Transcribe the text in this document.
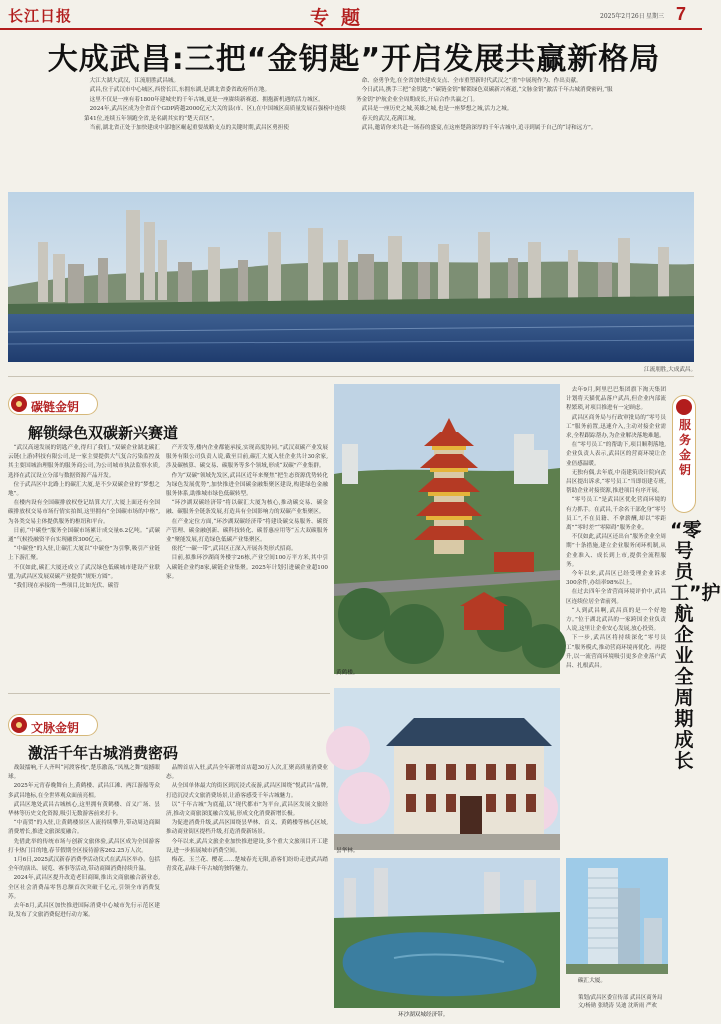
长江日报	专题	2025年2月26日 星期三 7
大成武昌:三把“金钥匙”开启发展共赢新格局

大江大湖大武汉，江流朋胜武昌城。

武昌,位于武汉市中心城区,西傍长江,东拥东湖,是湖北省委省政府所在地。

这里不仅是一座有着1800年建城史的千年古城,更是一座赓续新赛道、拥抱新机遇的活力城区。

2024年,武昌区成为全省首个GDP跨越2000亿元大关的县(市、区),在中国城区高质量发展百强榜中连续第41位,连续五年领跑全省,是名副其实的“楚天首区”。

当前,湖北省正处于加快建成中部地区崛起重要战略支点的关键时期,武昌区勇担使

命、奋勇争先,在全省加快建成支点、全市重塑新时代武汉之“重”中展现作为、作出贡献。

今日武昌,携手三把“金钥匙”:“碳链金钥”解锁绿色双碳新兴赛道,“文脉金钥”激活千年古城消费密码,“服务金钥”护航企业全周期成长,开启合作共赢之门。

武昌是一座历史之城,英雄之城,也是一座梦想之城,活力之城。

春天的武汉,花满江城。

武昌,邀请你来共赴一场春的盛宴,在这座楚韵深厚的千年古城中,追寻到属于自己的“诗和远方”。

江流朋胜,大成武昌。
碳链金钥
解锁绿色双碳新兴赛道

“武汉高速发展的钥匙产业,得归了我们。”双碳企业湖北碳汇云链(上游)科技有限公司,是一家主要提供大气复合污染监控及其主要国城治理服务的服务商公司,为公司城市执法监察水质,选择在武汉设立分部与数据资源产品开发。

位于武昌区中北路上的碳汇大厦,是不少双碳企业的“梦想之地”。

在楼内设有全国碳排放权登记结算大厅,大厦上面还有全国碳排放权交易市场行情实拍图,这里拥有“全国碳市场的中枢”,为各类交易主体提供服务的枢纽和平台。

日前,“中碳登”服务全国碳市场累计成交量6.2亿吨。“武碳通”气候投融资平台实现融资300亿元。

“中碳登”的入驻,让碳汇大厦以“中碳登”为引擎,吸引产业链上下游汇聚。

不仅如此,碳汇大厦还成立了武汉绿色低碳城市建设产业联盟,为武昌区发展双碳产业提供“规矩方圆”。

“我们现在承接的一些项目,比如光伏、碳管

产开发等,楼内企业都能承接,实现高度协同。”武汉双碳产业发展服务有限公司负责人说,截至目前,碳汇大厦入驻企业共计30余家,涉及碳核算、碳交易、碳服务等多个领域,形成“双碳”产业集群。

作为“双碳”领域先发区,武昌区近年来聚焦“把生态资源优势转化为绿色发展优势”,加快推进全国碳金融集聚区建设,构建绿色金融服务体系,助推城市绿色低碳转型。

“环沙湖双碳经济带”将以碳汇大厦为核心,推动碳交易、碳金融、碳服务全链条发展,打造具有全国影响力的双碳产业集聚区。

在产业定位方面,“环沙湖双碳经济带”将建设碳交易服务、碳资产管理、碳金融创新、碳科技转化、碳普惠应用等“五大双碳服务业”聚能发展,打造绿色低碳产业集聚区。

依托“一碳一带”,武昌区正深入开展各类形式招商。

目前,拟推环沙湖商务楼宇26栋,产业空间100万平方米,其中引入碳链企业约8家,碳链企业集聚。2025年计划引进碳企业超100家。

黄鹤楼。
文脉金钥
激活千年古城消费密码

战鼓擂响,千人齐叫“河渡客栈”,楚乐激荡,“凤凰之舞”震撼眼球。

2025年元宵春晚舞台上,黄鹤楼、武昌江滩、两江游船等众多武昌地标,在全世界观众面前亮相。

武昌区地处武昌古城核心,这里拥有黄鹤楼、首义广场、昙华林等历史文化资源,吸引无数游客前来打卡。

“中南贸”的入驻,让黄鹤楼景区人流持续攀升,带动周边商圈消费增长,推进文旅深度融合。

先借此举的传统市场与创新文旅体验,武昌区成为全国游客打卡热门目的地,春节假期全区接待游客262.25万人次。

1月6日,2025武汉新春消费季活动仪式在武昌区举办。包括全年的演出、展览、赛事等活动,带动商圈消费持续升温。

2024年,武昌区提升改造老旧商圈,推出文商旅融合新业态,全区社会消费品零售总额首次突破千亿元,引领全市消费复苏。

去年8月,武昌区加快推进国际消费中心城市先行示范区建设,发布了文旅消费促进行动方案。

品牌首店入驻,武昌全年新增首店超30万人次,汇聚高质量消费业态。

从全国单体最大的街区到沉浸式夜游,武昌区围绕“悦武昌”品牌,打造沉浸式文旅消费场景,让游客感受千年古城魅力。

以“千年古城”为底蕴,以“现代都市”为平台,武昌区发展文旅经济,推动文商旅深度融合发展,形成文化消费新增长极。

为促进消费升级,武昌区围绕昙华林、首义、黄鹤楼等核心区域,推动商业街区提档升级,打造消费新场景。

今年以来,武昌文旅企业加快推进建设,多个重大文旅项目开工建设,进一步拓展城市消费空间。

梅花、玉兰花、樱花……楚城春光无限,游客们纷纷走进武昌踏青赏花,品味千年古城的独特魅力。

昙华林。
环沙湖双城经济带。
服务金钥
“零号员工”护航企业全周期成长

去年9月,阿里巴巴集团旗下淘天集团计划将天猫优品落户武昌,但企业内部流程繁琐,对项目推进有一定顾虑。

武昌区商务局与行政审批局的“零号员工”服务前置,迅速介入,主动对接企业需求,全程跟踪帮办,为企业解决落地难题。

在“零号员工”的帮助下,项目顺利落地,企业负责人表示,武昌区的营商环境让企业倍感温暖。

无独有偶,去年底,中南建筑设计院向武昌区提出诉求,“零号员工”当即组建专班,帮助企业对接资源,推进项目有序开展。

“零号员工”是武昌区优化营商环境的有力抓手。在武昌,千余名干部化身“零号员工”,不在员籍、不拿薪酬,却以“零距离”“零时差”“零障碍”服务企业。

不仅如此,武昌区还出台“服务企业全周期”十条措施,建立企业服务闭环机制,从企业准入、成长到上市,提供全流程服务。

今年以来,武昌区已经受理企业诉求300余件,办结率98%以上。

在过去四年全省营商环境评价中,武昌区连续位居全省前列。

“人到武昌啊,武昌真的是一个好地方。”位于湖北武昌的一家跨国企业负责人说,这里让企业安心发展,放心投资。

下一步,武昌区将持续深化“零号员工”服务模式,推动营商环境再优化、再提升,以一流营商环境吸引更多企业落户武昌、扎根武昌。

碳汇大厦。
策划/武昌区委宣传部 武昌区商务局
文/杨勋 张晓涛 吴迪 沈昕雨 严欢
